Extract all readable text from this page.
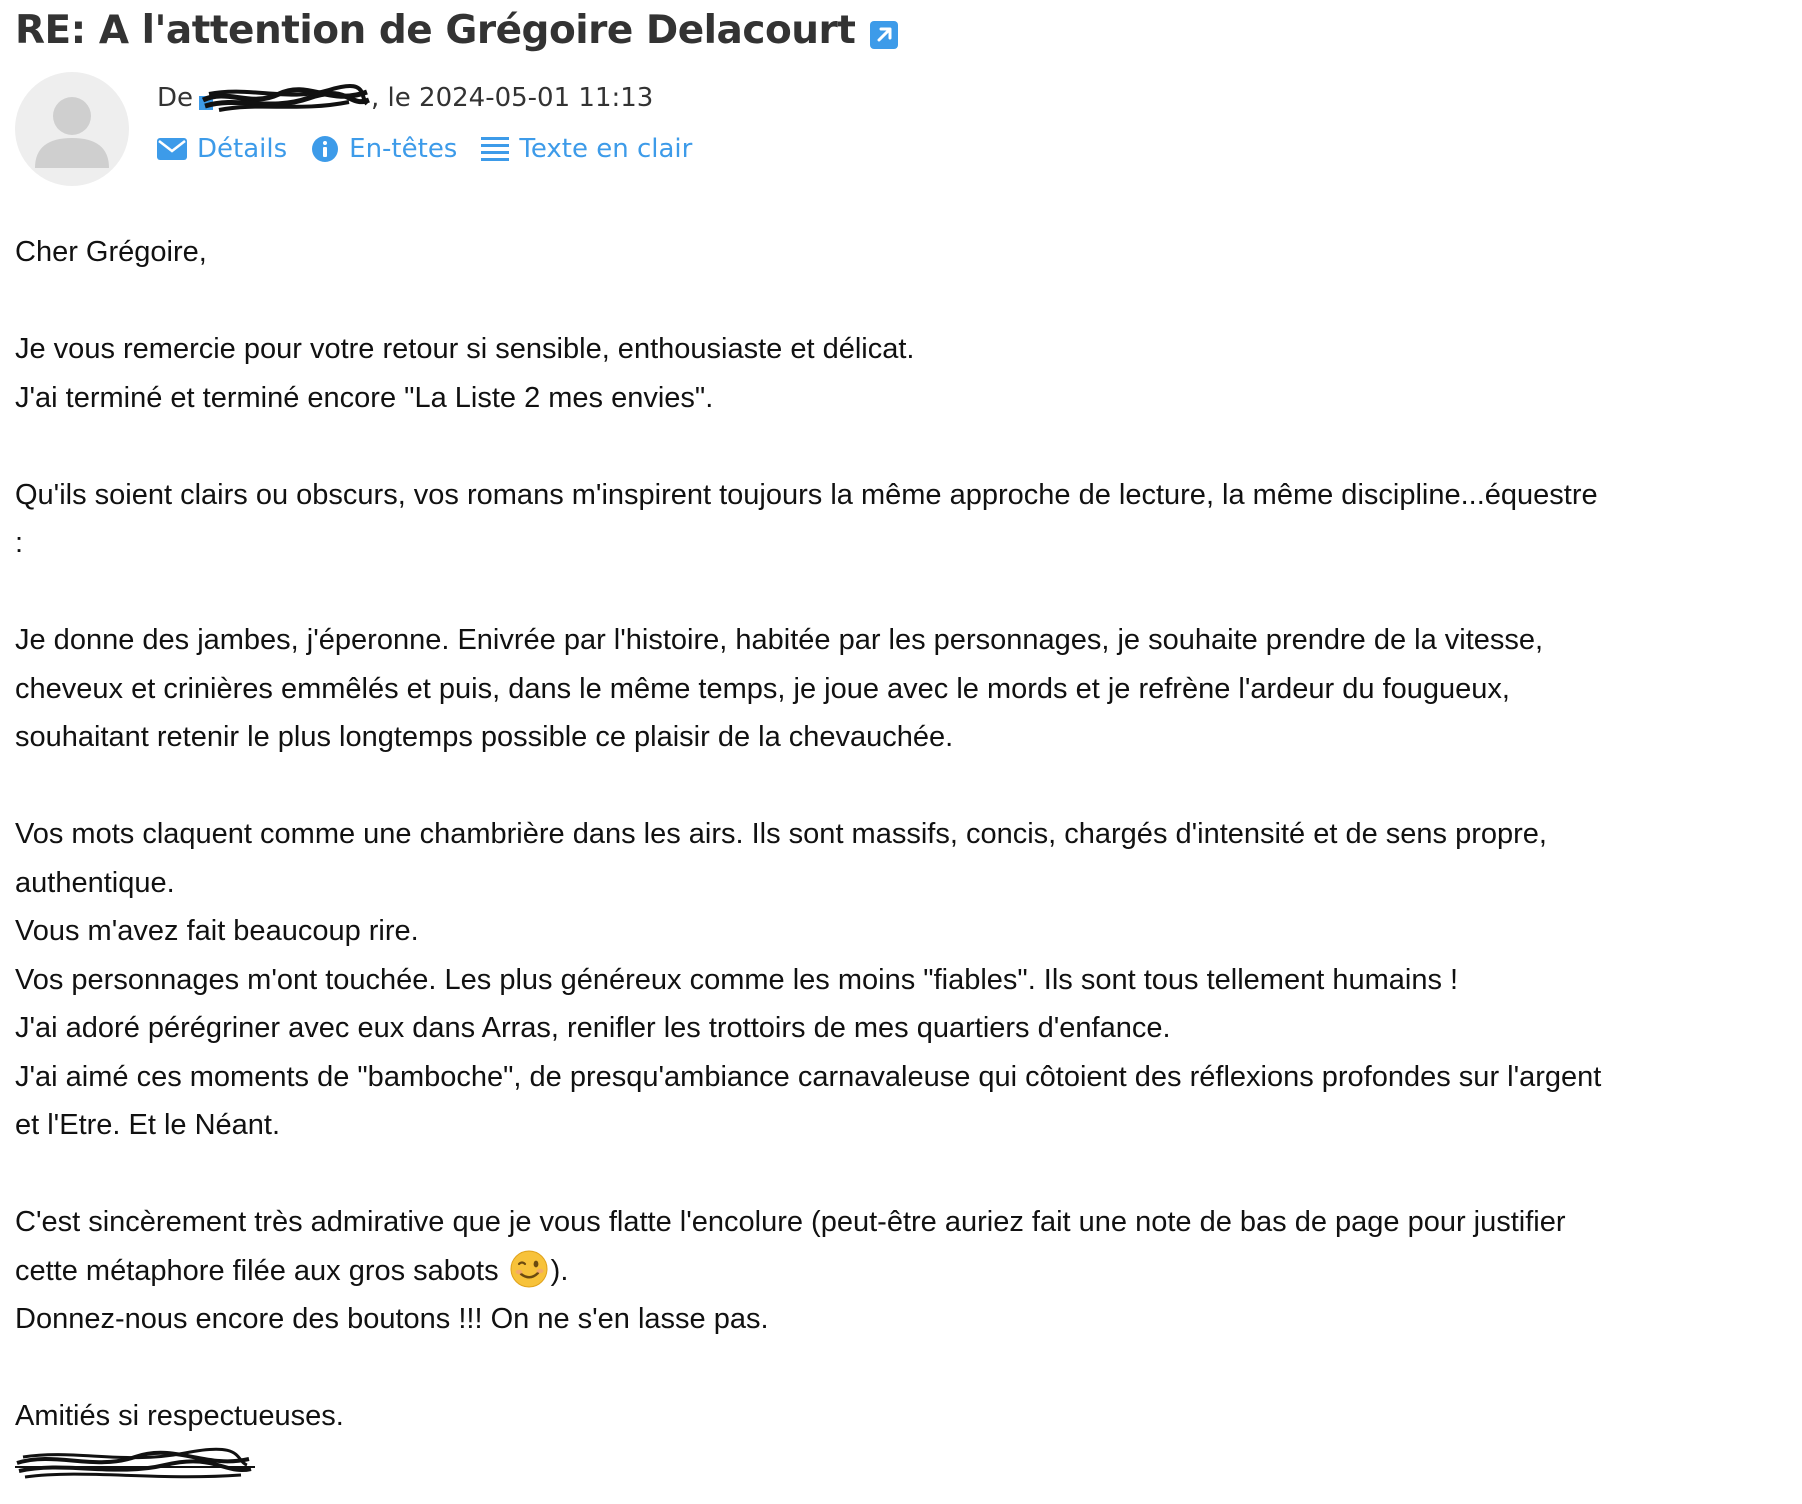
RE: A l'attention de Grégoire Delacourt
De	, le 2024-05-01 11:13
Détails En-têtes Texte en clair
Cher Grégoire,
Je vous remercie pour votre retour si sensible, enthousiaste et délicat.
J'ai terminé et terminé encore "La Liste 2 mes envies".
Qu'ils soient clairs ou obscurs, vos romans m'inspirent toujours la même approche de lecture, la même discipline...équestre
:
Je donne des jambes, j'éperonne. Enivrée par l'histoire, habitée par les personnages, je souhaite prendre de la vitesse,
cheveux et crinières emmêlés et puis, dans le même temps, je joue avec le mords et je refrène l'ardeur du fougueux,
souhaitant retenir le plus longtemps possible ce plaisir de la chevauchée.
Vos mots claquent comme une chambrière dans les airs. Ils sont massifs, concis, chargés d'intensité et de sens propre,
authentique.
Vous m'avez fait beaucoup rire.
Vos personnages m'ont touchée. Les plus généreux comme les moins "fiables". Ils sont tous tellement humains !
J'ai adoré pérégriner avec eux dans Arras, renifler les trottoirs de mes quartiers d'enfance.
J'ai aimé ces moments de "bamboche", de presqu'ambiance carnavaleuse qui côtoient des réflexions profondes sur l'argent
et l'Etre. Et le Néant.
C'est sincèrement très admirative que je vous flatte l'encolure (peut-être auriez fait une note de bas de page pour justifier
cette métaphore filée aux gros sabots ).
Donnez-nous encore des boutons !!! On ne s'en lasse pas.
Amitiés si respectueuses.
